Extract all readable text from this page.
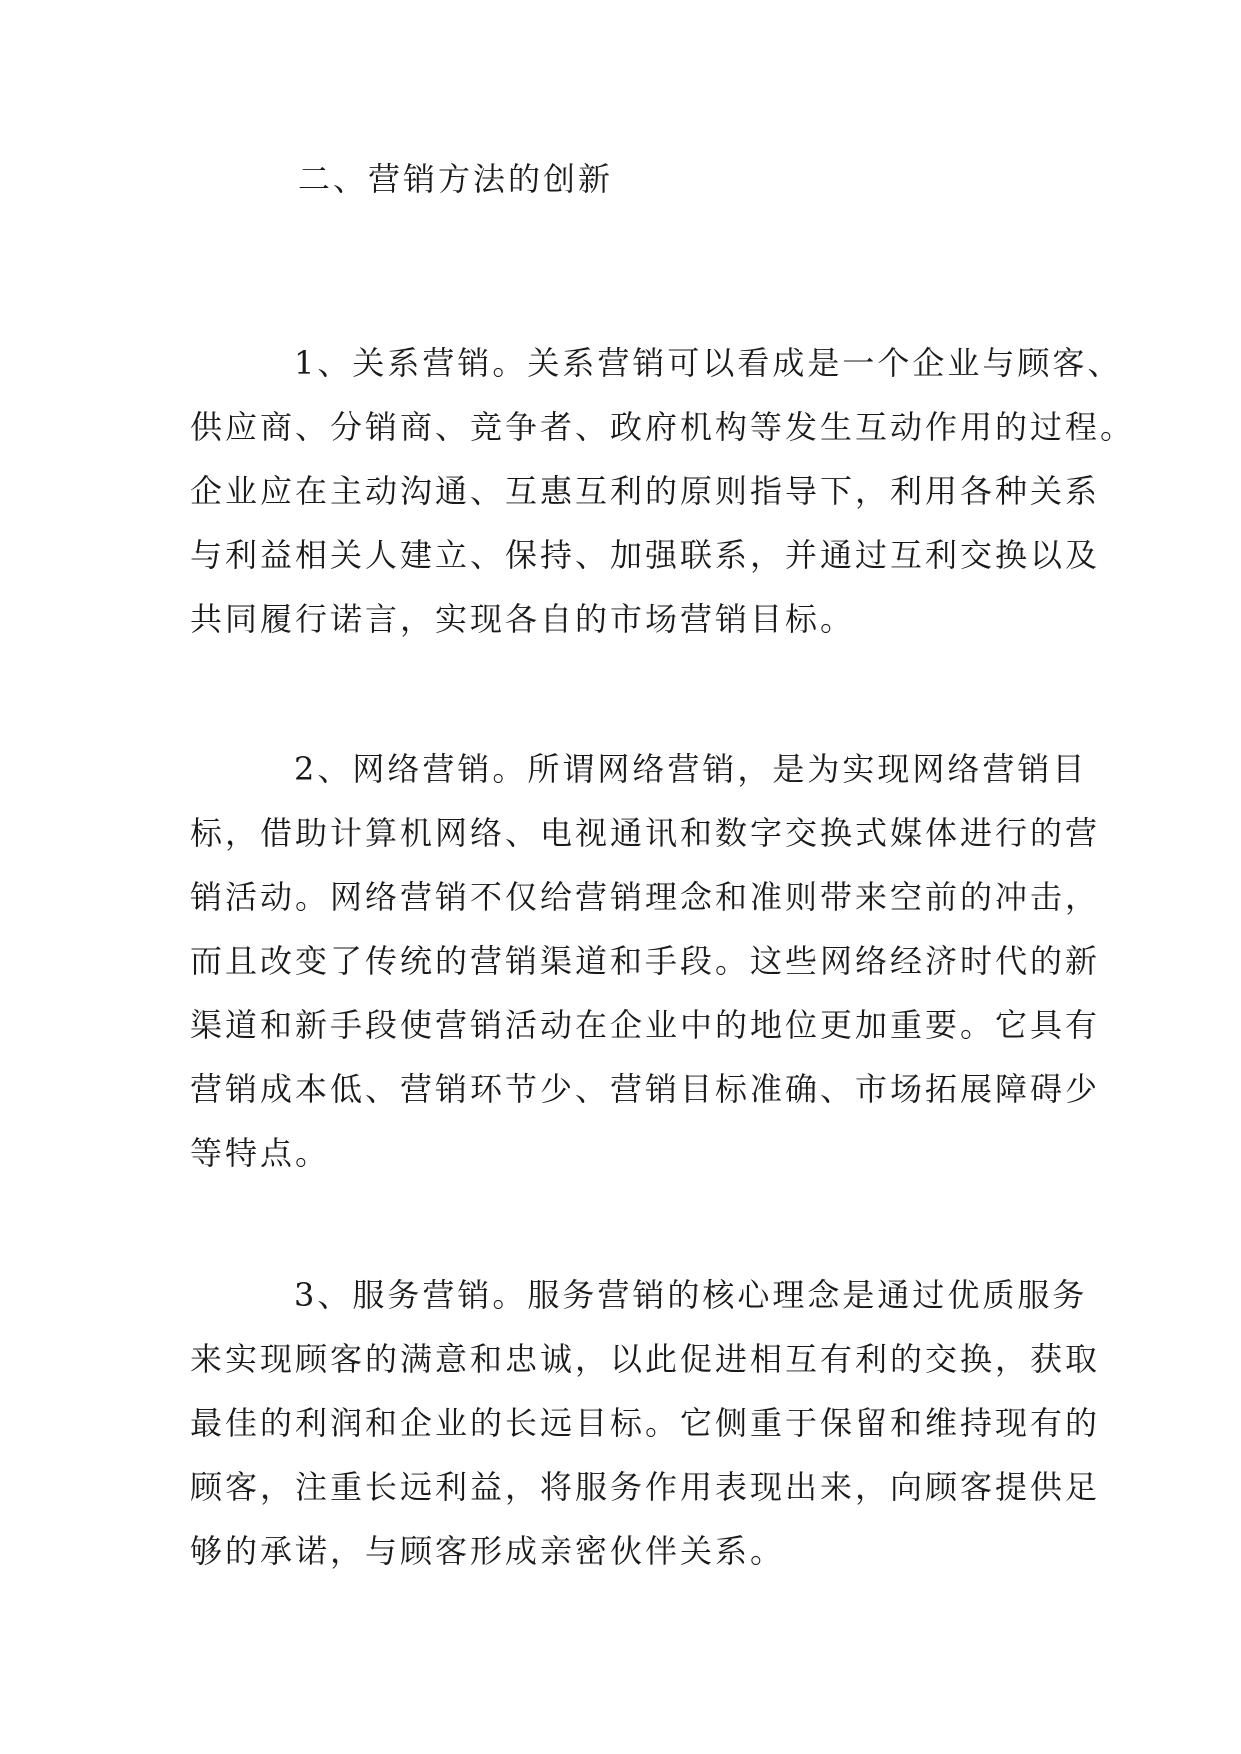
二、营销方法的创新
1、关系营销。关系营销可以看成是一个企业与顾客、
供应商、分销商、竞争者、政府机构等发生互动作用的过程。
企业应在主动沟通、互惠互利的原则指导下，利用各种关系
与利益相关人建立、保持、加强联系，并通过互利交换以及
共同履行诺言，实现各自的市场营销目标。
2、网络营销。所谓网络营销，是为实现网络营销目
标，借助计算机网络、电视通讯和数字交换式媒体进行的营
销活动。网络营销不仅给营销理念和准则带来空前的冲击，
而且改变了传统的营销渠道和手段。这些网络经济时代的新
渠道和新手段使营销活动在企业中的地位更加重要。它具有
营销成本低、营销环节少、营销目标准确、市场拓展障碍少
等特点。
3、服务营销。服务营销的核心理念是通过优质服务
来实现顾客的满意和忠诚，以此促进相互有利的交换，获取
最佳的利润和企业的长远目标。它侧重于保留和维持现有的
顾客，注重长远利益，将服务作用表现出来，向顾客提供足
够的承诺，与顾客形成亲密伙伴关系。
